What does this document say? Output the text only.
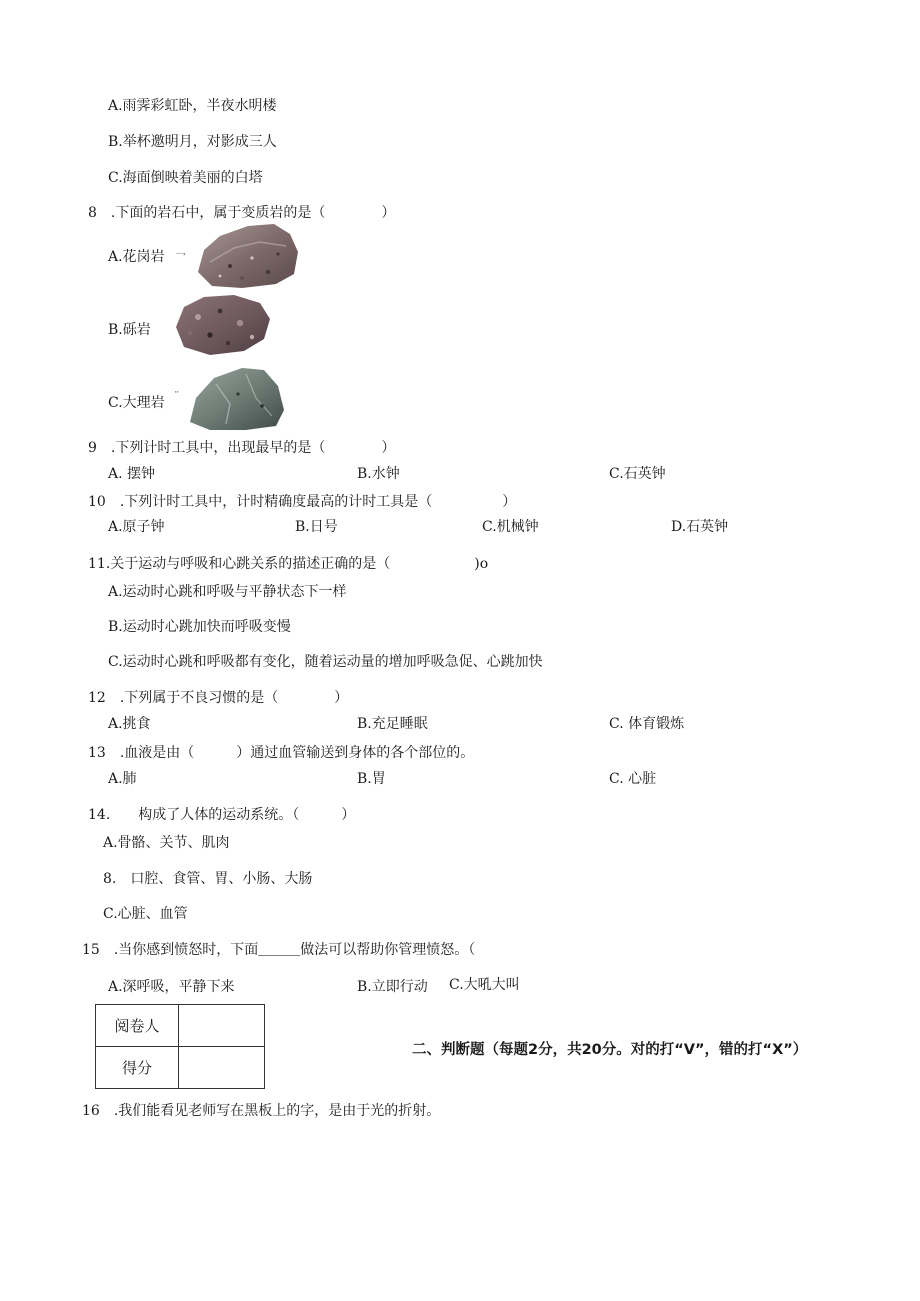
A.雨霁彩虹卧，半夜水明楼
B.举杯邀明月，对影成三人
C.海面倒映着美丽的白塔
8　.下面的岩石中，属于变质岩的是（　　　　）
A.花岗岩 乛
B.砾岩
C.大理岩 ¨
9　.下列计时工具中，出现最早的是（　　　　）
A. 摆钟	B.水钟	C.石英钟
10　.下列计时工具中，计时精确度最高的计时工具是（　　　　　）
A.原子钟	B.日号	C.机械钟	D.石英钟
11.关于运动与呼吸和心跳关系的描述正确的是（　　　　　　)o
A.运动时心跳和呼吸与平静状态下一样
B.运动时心跳加快而呼吸变慢
C.运动时心跳和呼吸都有变化，随着运动量的增加呼吸急促、心跳加快
12　.下列属于不良习惯的是（　　　　）
A.挑食	B.充足睡眠	C. 体育锻炼
13　.血液是由（　　　）通过血管输送到身体的各个部位的。
A.肺	B.胃	C. 心脏
14.　　构成了人体的运动系统。（　　　）
A.骨骼、关节、肌肉
8.　口腔、食管、胃、小肠、大肠
C.心脏、血管
15　.当你感到愤怒时，下面＿＿＿做法可以帮助你管理愤怒。（
A.深呼吸，平静下来	B.立即行动 C.大吼大叫
阅卷人	
得分	
二、判断题（每题2分，共20分。对的打“V”，错的打“X”）
16　.我们能看见老师写在黑板上的字，是由于光的折射。
